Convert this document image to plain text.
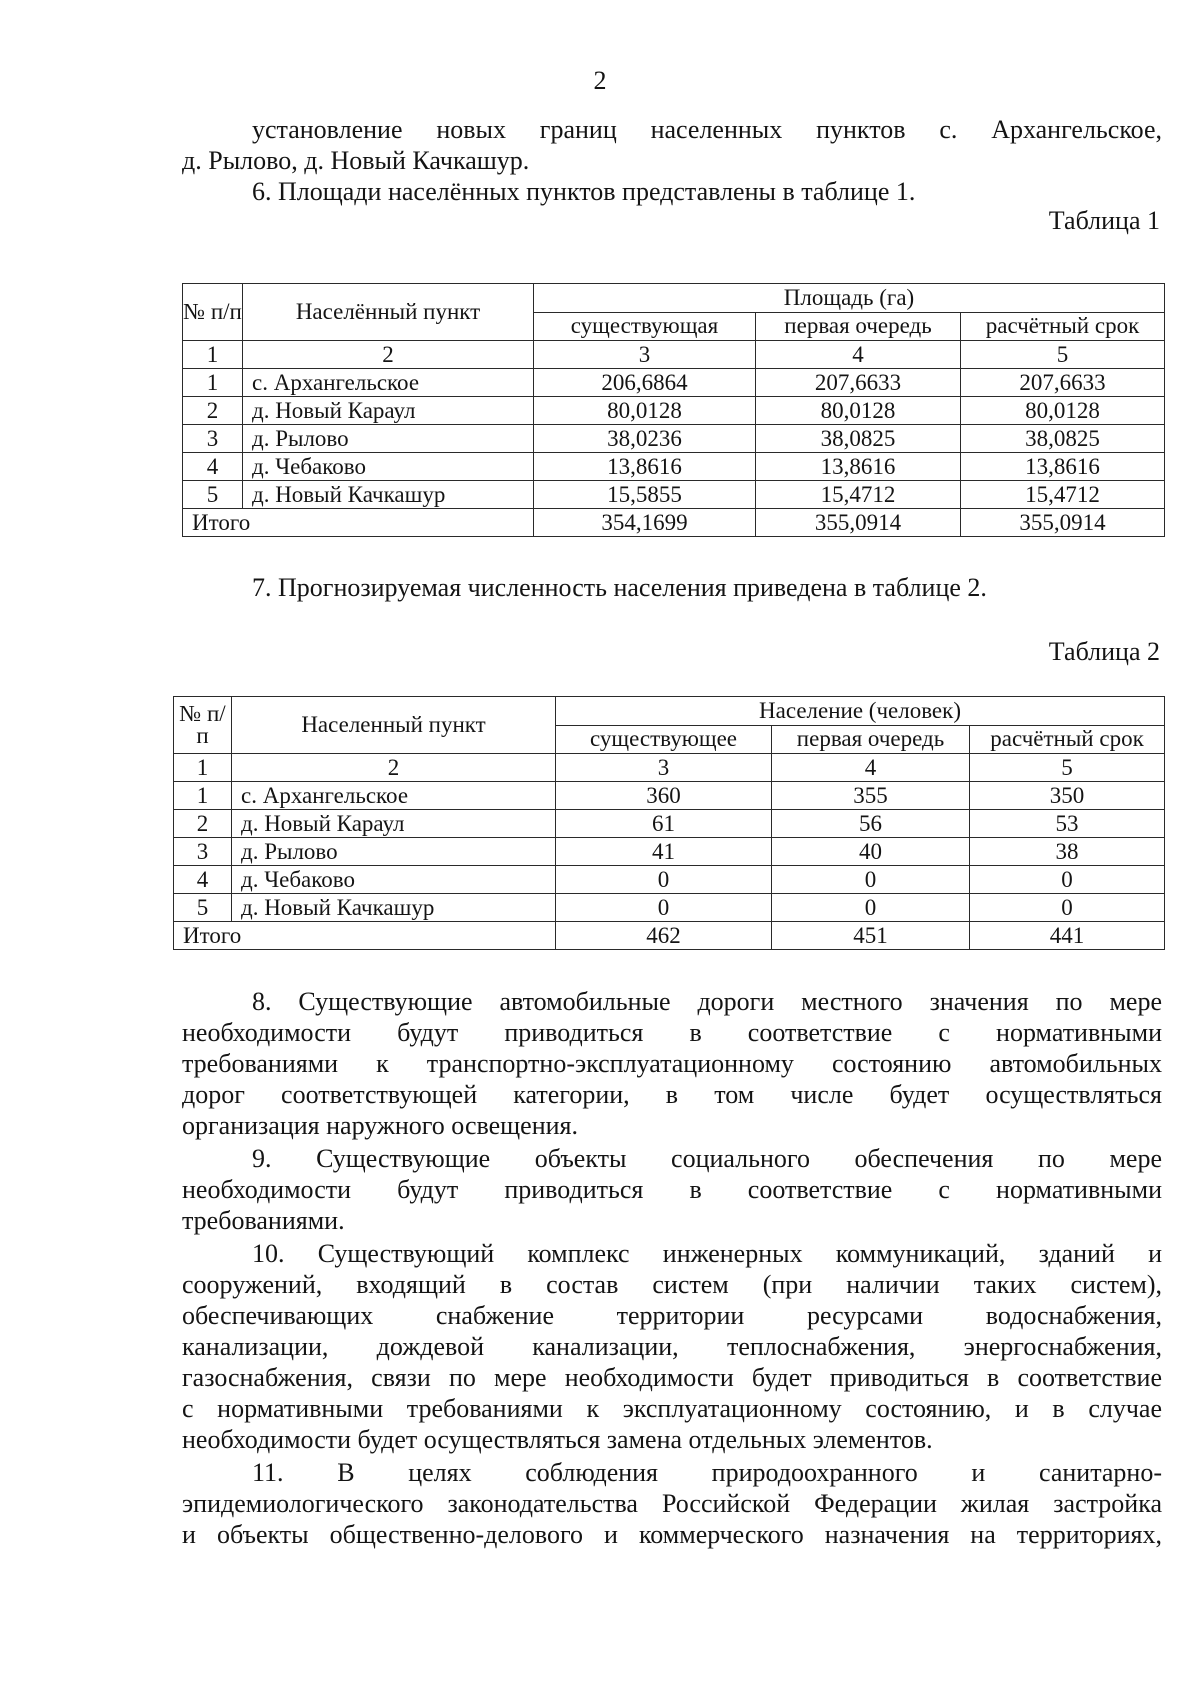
2
установление новых границ населенных пунктов с. Архангельское,
д. Рылово, д. Новый Качкашур.
6. Площади населённых пунктов представлены в таблице 1.
Таблица 1
№ п/п	Населённый пункт	Площадь (га)		
		существующая	первая очередь	расчётный срок
1	2	3	4	5
1	с. Архангельское	206,6864	207,6633	207,6633
2	д. Новый Караул	80,0128	80,0128	80,0128
3	д. Рылово	38,0236	38,0825	38,0825
4	д. Чебаково	13,8616	13,8616	13,8616
5	д. Новый Качкашур	15,5855	15,4712	15,4712
Итого		354,1699	355,0914	355,0914
7. Прогнозируемая численность населения приведена в таблице 2.
Таблица 2
№ п/п	Населенный пункт	Население (человек)		
		существующее	первая очередь	расчётный срок
1	2	3	4	5
1	с. Архангельское	360	355	350
2	д. Новый Караул	61	56	53
3	д. Рылово	41	40	38
4	д. Чебаково	0	0	0
5	д. Новый Качкашур	0	0	0
Итого		462	451	441
8. Существующие автомобильные дороги местного значения по мере
необходимости будут приводиться в соответствие с нормативными
требованиями к транспортно-эксплуатационному состоянию автомобильных
дорог соответствующей категории, в том числе будет осуществляться
организация наружного освещения.
9. Существующие объекты социального обеспечения по мере
необходимости будут приводиться в соответствие с нормативными
требованиями.
10. Существующий комплекс инженерных коммуникаций, зданий и
сооружений, входящий в состав систем (при наличии таких систем),
обеспечивающих снабжение территории ресурсами водоснабжения,
канализации, дождевой канализации, теплоснабжения, энергоснабжения,
газоснабжения, связи по мере необходимости будет приводиться в соответствие
с нормативными требованиями к эксплуатационному состоянию, и в случае
необходимости будет осуществляться замена отдельных элементов.
11. В целях соблюдения природоохранного и санитарно-
эпидемиологического законодательства Российской Федерации жилая застройка
и объекты общественно-делового и коммерческого назначения на территориях,
